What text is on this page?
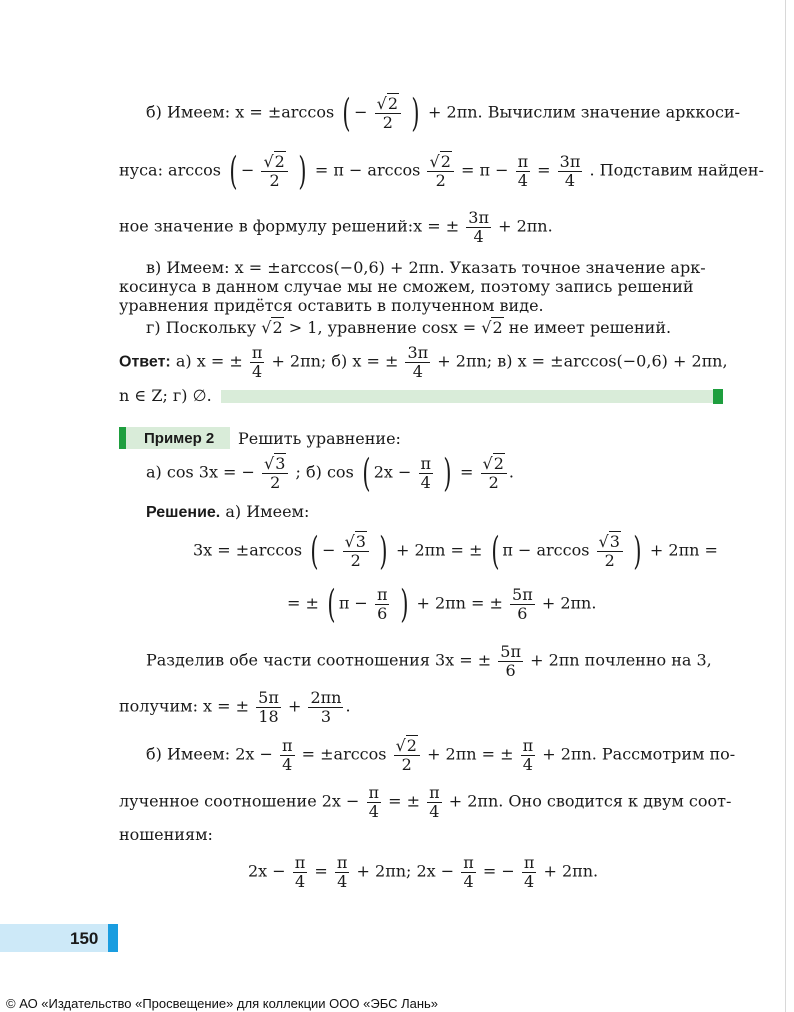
б) Имеем: x = ±arccos ( − $\frac{√2}{2}$ ) + 2πn. Вычислим значение арккоси-
нуса: arccos ( − $\frac{√2}{2}$ ) = $\pi - \arccos \frac{√2}{2} = \pi - \frac{\pi}{4} = \frac{3\pi}{4}$ . Подставим найден-
ное значение в формулу решений:x = ± $\frac{3\pi}{4} + 2\pi n$.
в) Имеем: x = ±arccos(−0,6) + 2πn. Указать точное значение арк-
косинуса в данном случае мы не сможем, поэтому запись решений
уравнения придётся оставить в полученном виде.
г) Поскольку √2 > 1, уравнение cosx = √2 не имеет решений.
Ответ: а) x = ± $\frac{\pi}{4} + 2\pi n$; б) x = ± $\frac{3\pi}{4} + 2\pi n$; в) x = ±arccos(−0,6) + 2πn,
n ∈ Z; г) ∅.
Пример 2 Решить уравнение:
а) cos 3x = − $\frac{√3}{2}$ ; б) cos ( $2x - \frac{\pi}{4}$ ) = $\frac{√2}{2}$ .
Решение. а) Имеем:
3x = ±arccos ( − $\frac{√3}{2}$ ) + 2πn = ± ( $\pi - \arccos \frac{√3}{2}$ ) + 2πn =
= ± ( $\pi - \frac{\pi}{6}$ ) + 2πn = ± $\frac{5\pi}{6} + 2\pi n$.
Разделив обе части соотношения 3x = ± $\frac{5\pi}{6} + 2\pi n$ почленно на 3,
получим: x = ± $\frac{5\pi}{18} + \frac{2\pi n}{3}$ .
б) Имеем: $2x - \frac{\pi}{4} = \pm\arccos \frac{√2}{2} + 2\pi n$ = ± $\frac{\pi}{4} + 2\pi n$. Рассмотрим по-
лученное соотношение $2x - \frac{\pi}{4}$ = ± $\frac{\pi}{4} + 2\pi n$. Оно сводится к двум соот-
ношениям:
$2x - \frac{\pi}{4} = \frac{\pi}{4} + 2\pi n$; $2x - \frac{\pi}{4}$ = − $\frac{\pi}{4} + 2\pi n$.
150
© АО «Издательство «Просвещение» для коллекции ООО «ЭБС Лань»
